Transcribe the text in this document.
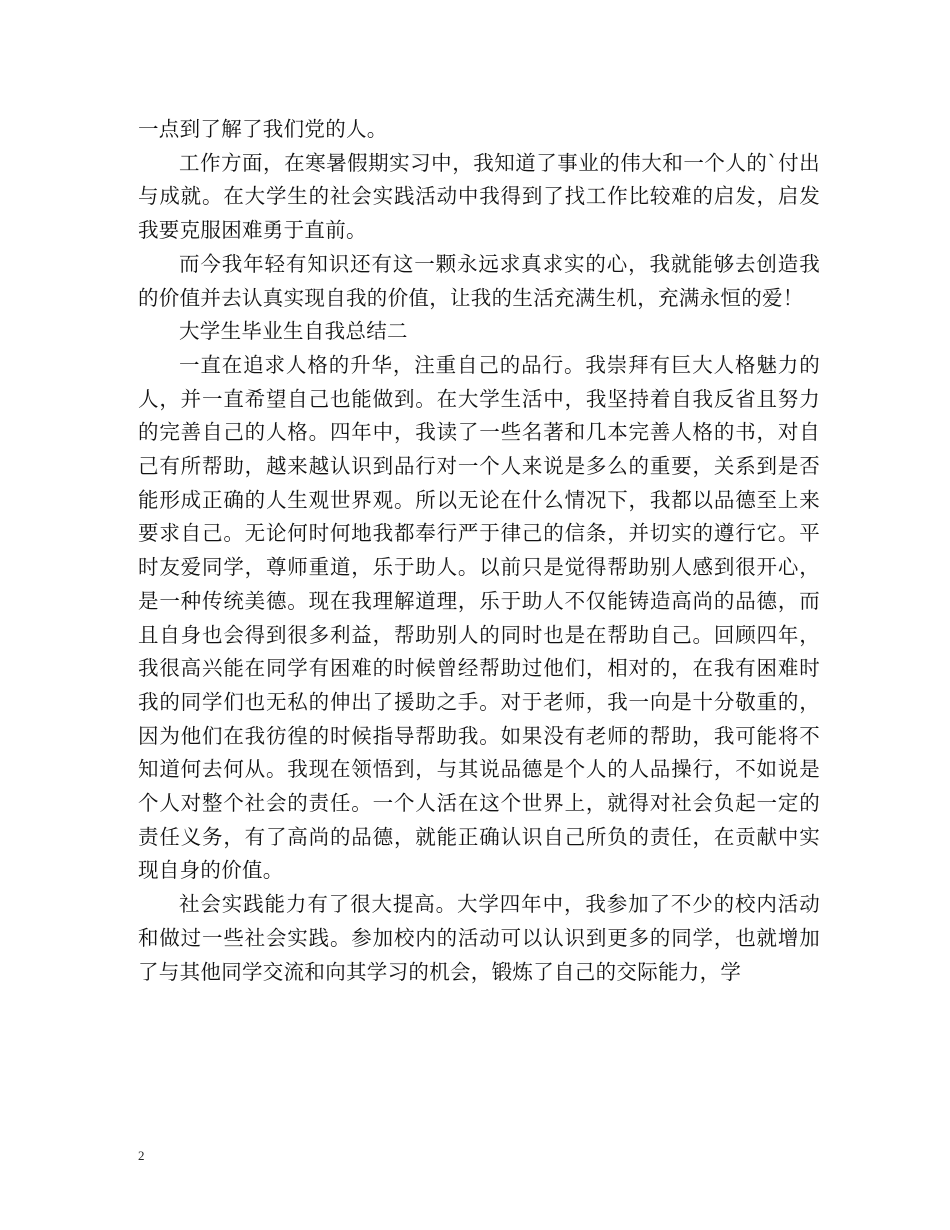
一点到了解了我们党的人。

工作方面，在寒暑假期实习中，我知道了事业的伟大和一个人的`付出与成就。在大学生的社会实践活动中我得到了找工作比较难的启发，启发我要克服困难勇于直前。

而今我年轻有知识还有这一颗永远求真求实的心，我就能够去创造我的价值并去认真实现自我的价值，让我的生活充满生机，充满永恒的爱！

大学生毕业生自我总结二

一直在追求人格的升华，注重自己的品行。我崇拜有巨大人格魅力的人，并一直希望自己也能做到。在大学生活中，我坚持着自我反省且努力的完善自己的人格。四年中，我读了一些名著和几本完善人格的书，对自己有所帮助，越来越认识到品行对一个人来说是多么的重要，关系到是否能形成正确的人生观世界观。所以无论在什么情况下，我都以品德至上来要求自己。无论何时何地我都奉行严于律己的信条，并切实的遵行它。平时友爱同学，尊师重道，乐于助人。以前只是觉得帮助别人感到很开心，是一种传统美德。现在我理解道理，乐于助人不仅能铸造高尚的品德，而且自身也会得到很多利益，帮助别人的同时也是在帮助自己。回顾四年，我很高兴能在同学有困难的时候曾经帮助过他们，相对的，在我有困难时我的同学们也无私的伸出了援助之手。对于老师，我一向是十分敬重的，因为他们在我彷徨的时候指导帮助我。如果没有老师的帮助，我可能将不知道何去何从。我现在领悟到，与其说品德是个人的人品操行，不如说是个人对整个社会的责任。一个人活在这个世界上，就得对社会负起一定的责任义务，有了高尚的品德，就能正确认识自己所负的责任，在贡献中实现自身的价值。

社会实践能力有了很大提高。大学四年中，我参加了不少的校内活动和做过一些社会实践。参加校内的活动可以认识到更多的同学，也就增加了与其他同学交流和向其学习的机会，锻炼了自己的交际能力，学

2
